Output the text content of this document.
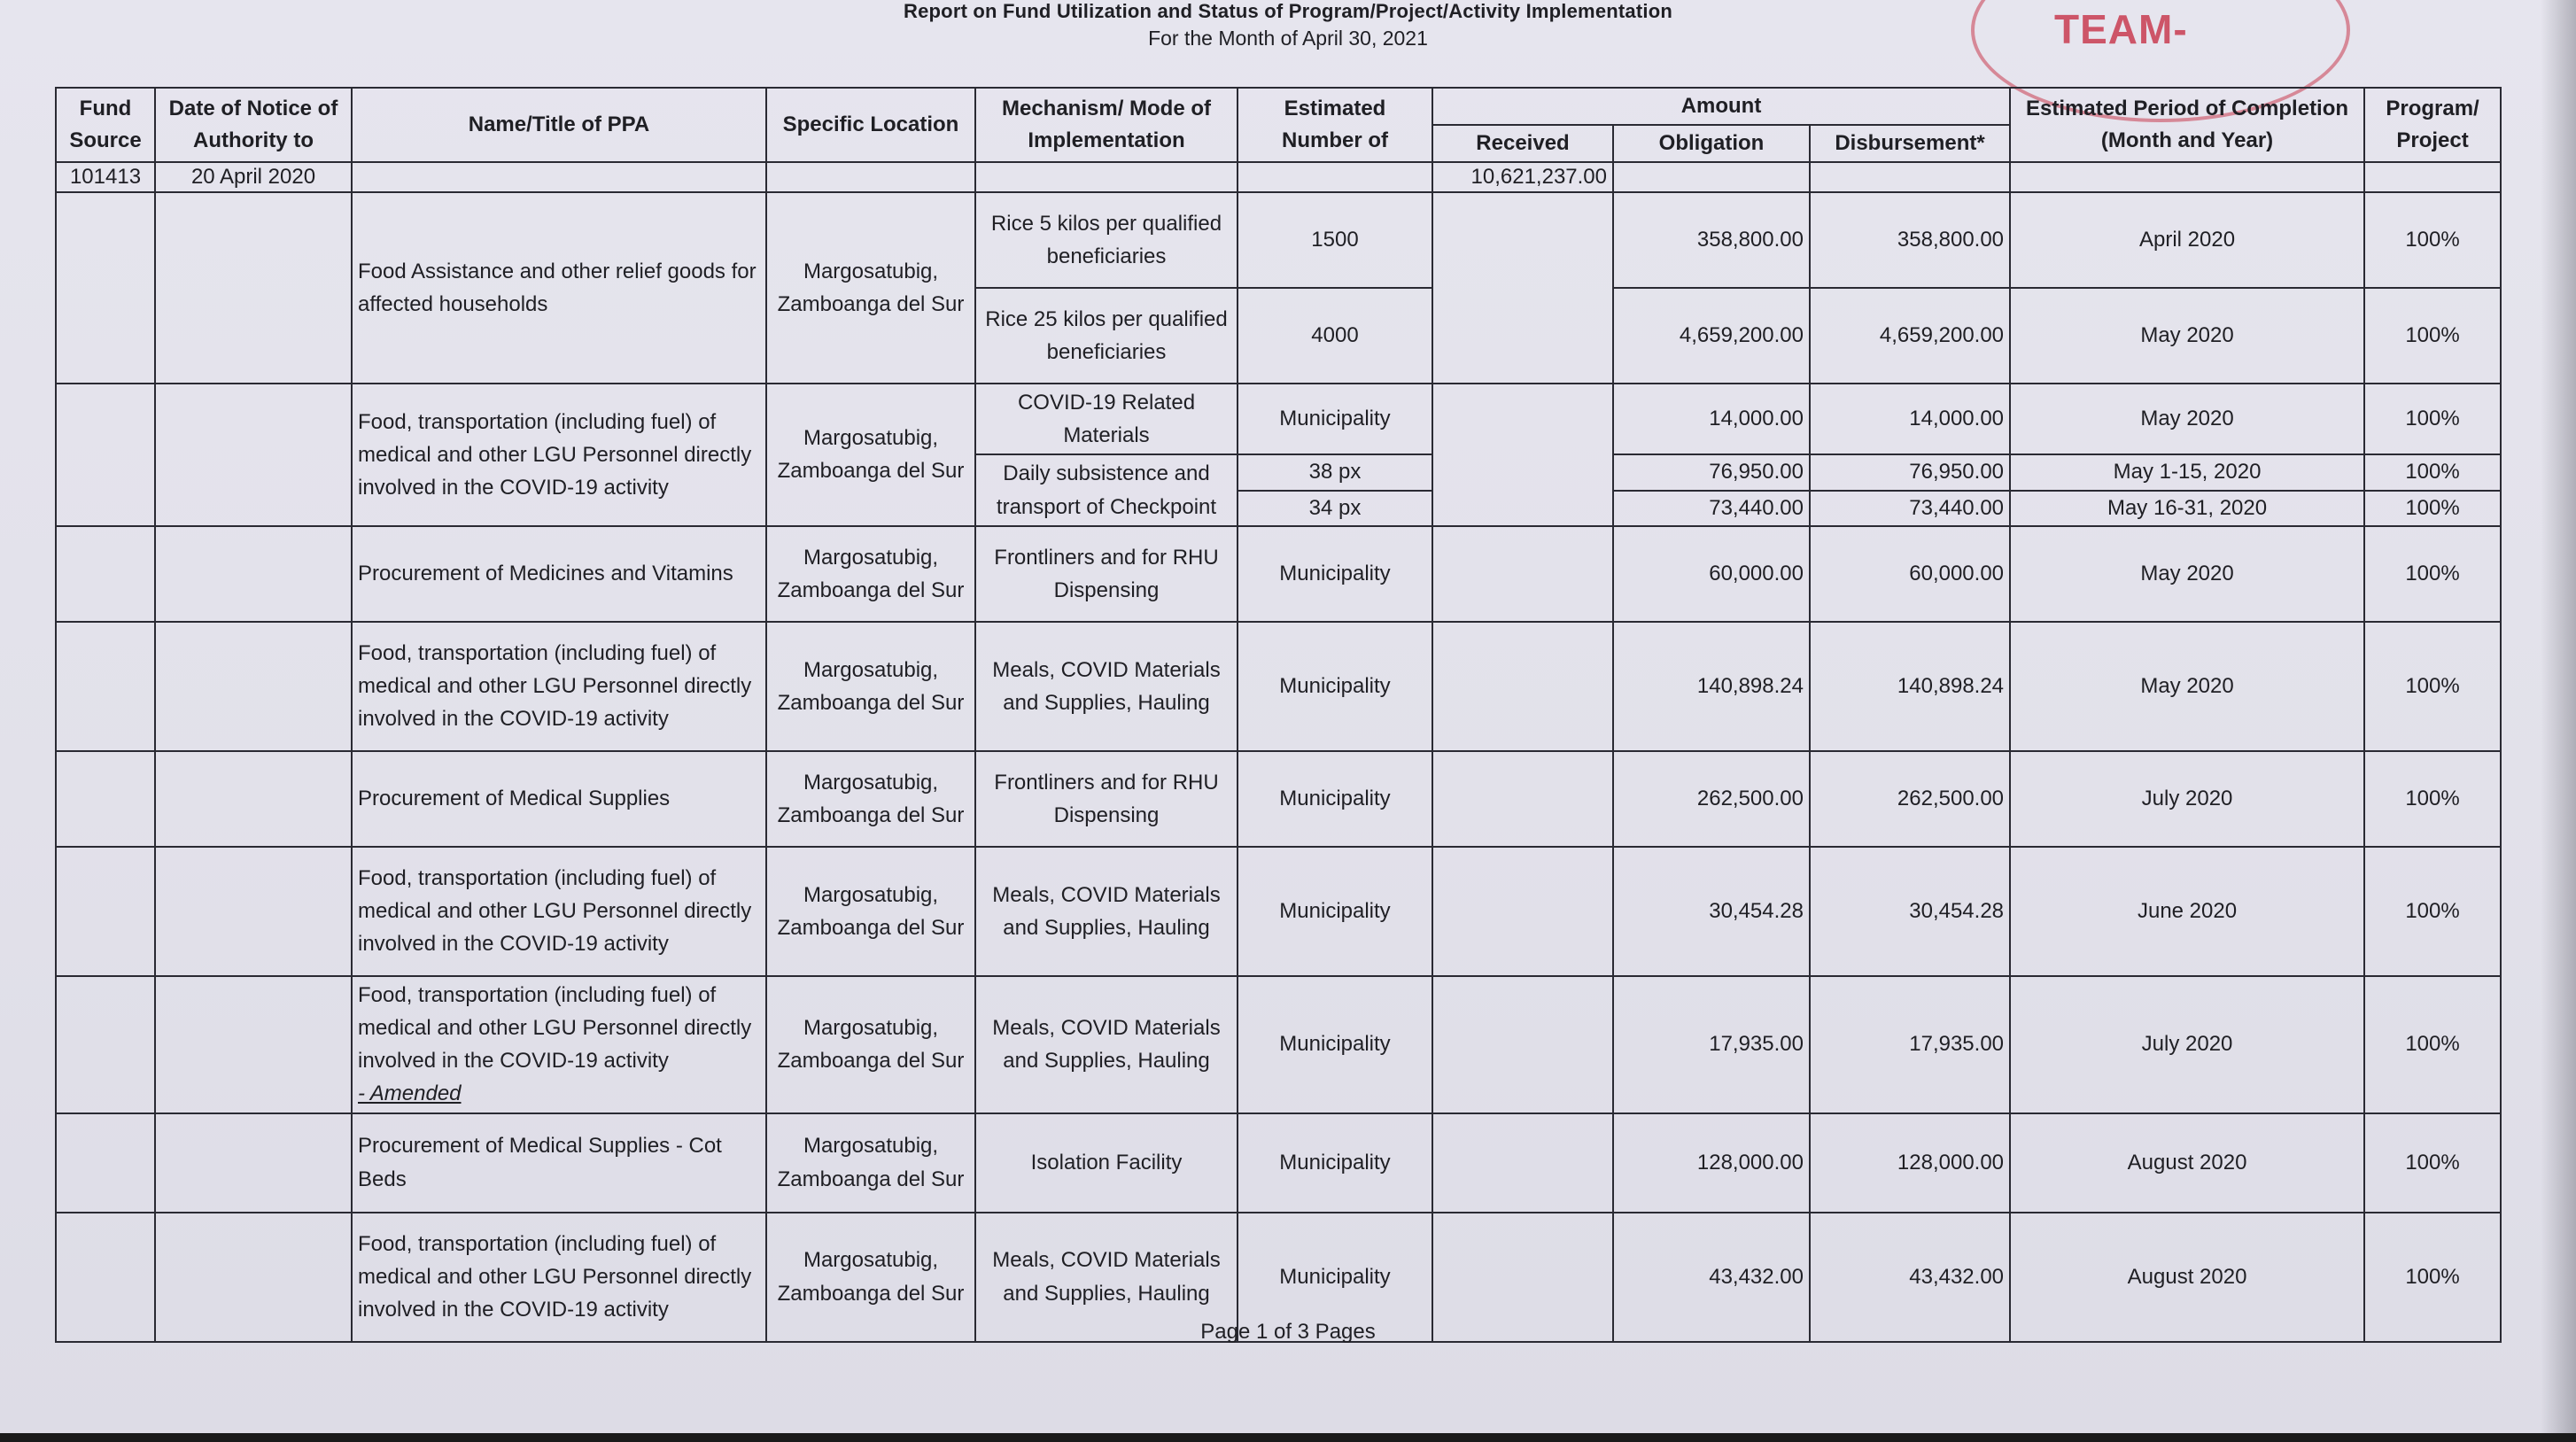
Report on Fund Utilization and Status of Program/Project/Activity Implementation
For the Month of April 30, 2021	TEAM-
Fund Source	Date of Notice of Authority to	Name/Title of PPA	Specific Location	Mechanism/ Mode of Implementation	Estimated Number of	Amount			Estimated Period of Completion (Month and Year)	Program/ Project
						Received	Obligation	Disbursement*		
101413	20 April 2020					10,621,237.00				
		Food Assistance and other relief goods for affected households	Margosatubig, Zamboanga del Sur	Rice 5 kilos per qualified beneficiaries	1500		358,800.00	358,800.00	April 2020	100%
				Rice 25 kilos per qualified beneficiaries	4000		4,659,200.00	4,659,200.00	May 2020	100%
		Food, transportation (including fuel) of medical and other LGU Personnel directly involved in the COVID-19 activity	Margosatubig, Zamboanga del Sur	COVID-19 Related Materials	Municipality		14,000.00	14,000.00	May 2020	100%
				Daily subsistence and transport of Checkpoint	38 px		76,950.00	76,950.00	May 1-15, 2020	100%
					34 px		73,440.00	73,440.00	May 16-31, 2020	100%
		Procurement of Medicines and Vitamins	Margosatubig, Zamboanga del Sur	Frontliners and for RHU Dispensing	Municipality		60,000.00	60,000.00	May 2020	100%
		Food, transportation (including fuel) of medical and other LGU Personnel directly involved in the COVID-19 activity	Margosatubig, Zamboanga del Sur	Meals, COVID Materials and Supplies, Hauling	Municipality		140,898.24	140,898.24	May 2020	100%
		Procurement of Medical Supplies	Margosatubig, Zamboanga del Sur	Frontliners and for RHU Dispensing	Municipality		262,500.00	262,500.00	July 2020	100%
		Food, transportation (including fuel) of medical and other LGU Personnel directly involved in the COVID-19 activity	Margosatubig, Zamboanga del Sur	Meals, COVID Materials and Supplies, Hauling	Municipality		30,454.28	30,454.28	June 2020	100%
		Food, transportation (including fuel) of medical and other LGU Personnel directly involved in the COVID-19 activity
- Amended	Margosatubig, Zamboanga del Sur	Meals, COVID Materials and Supplies, Hauling	Municipality		17,935.00	17,935.00	July 2020	100%
		Procurement of Medical Supplies - Cot Beds	Margosatubig, Zamboanga del Sur	Isolation Facility	Municipality		128,000.00	128,000.00	August 2020	100%
		Food, transportation (including fuel) of medical and other LGU Personnel directly involved in the COVID-19 activity	Margosatubig, Zamboanga del Sur	Meals, COVID Materials and Supplies, Hauling	Municipality		43,432.00	43,432.00	August 2020	100%
Page 1 of 3 Pages
